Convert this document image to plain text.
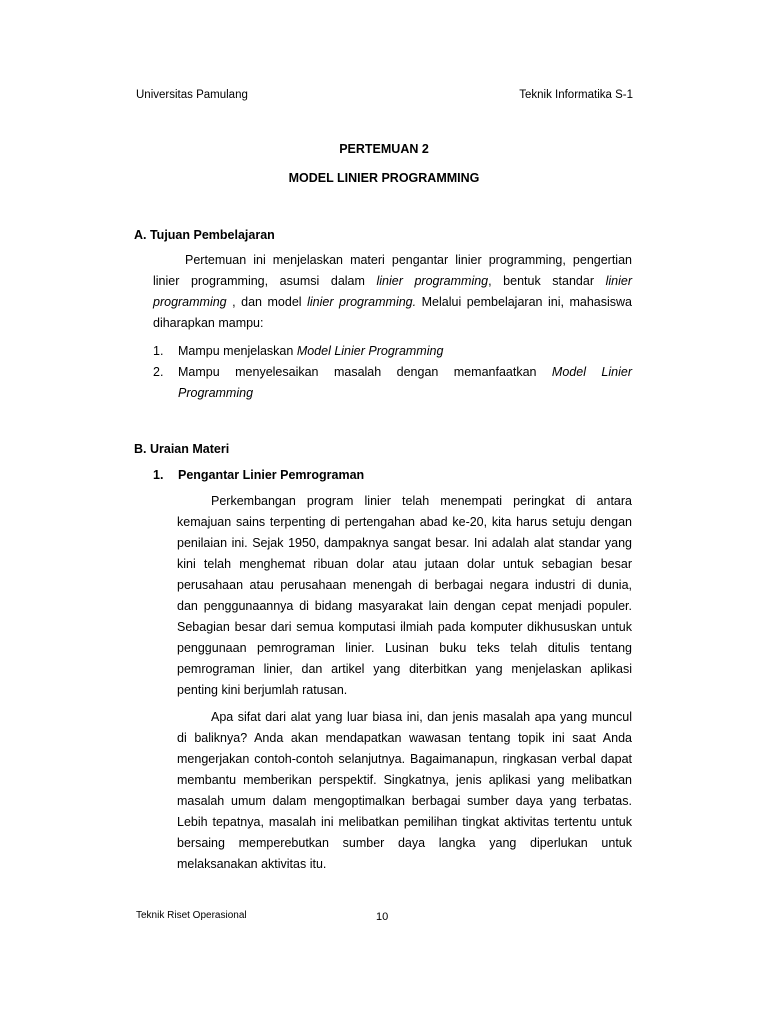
Universitas Pamulang	Teknik Informatika S-1
PERTEMUAN 2
MODEL LINIER PROGRAMMING
A. Tujuan Pembelajaran
Pertemuan ini menjelaskan materi pengantar linier programming, pengertian
linier programming, asumsi dalam linier programming, bentuk standar linier
programming , dan model linier programming. Melalui pembelajaran ini, mahasiswa
diharapkan mampu:
1. Mampu menjelaskan Model Linier Programming
2. Mampu menyelesaikan masalah dengan memanfaatkan Model Linier
Programming
B. Uraian Materi
1. Pengantar Linier Pemrograman
Perkembangan program linier telah menempati peringkat di antara
kemajuan sains terpenting di pertengahan abad ke-20, kita harus setuju dengan
penilaian ini. Sejak 1950, dampaknya sangat besar. Ini adalah alat standar yang
kini telah menghemat ribuan dolar atau jutaan dolar untuk sebagian besar
perusahaan atau perusahaan menengah di berbagai negara industri di dunia,
dan penggunaannya di bidang masyarakat lain dengan cepat menjadi populer.
Sebagian besar dari semua komputasi ilmiah pada komputer dikhususkan untuk
penggunaan pemrograman linier. Lusinan buku teks telah ditulis tentang
pemrograman linier, dan artikel yang diterbitkan yang menjelaskan aplikasi
penting kini berjumlah ratusan.
Apa sifat dari alat yang luar biasa ini, dan jenis masalah apa yang muncul
di baliknya? Anda akan mendapatkan wawasan tentang topik ini saat Anda
mengerjakan contoh-contoh selanjutnya. Bagaimanapun, ringkasan verbal dapat
membantu memberikan perspektif. Singkatnya, jenis aplikasi yang melibatkan
masalah umum dalam mengoptimalkan berbagai sumber daya yang terbatas.
Lebih tepatnya, masalah ini melibatkan pemilihan tingkat aktivitas tertentu untuk
bersaing memperebutkan sumber daya langka yang diperlukan untuk
melaksanakan aktivitas itu.
Teknik Riset Operasional	10
